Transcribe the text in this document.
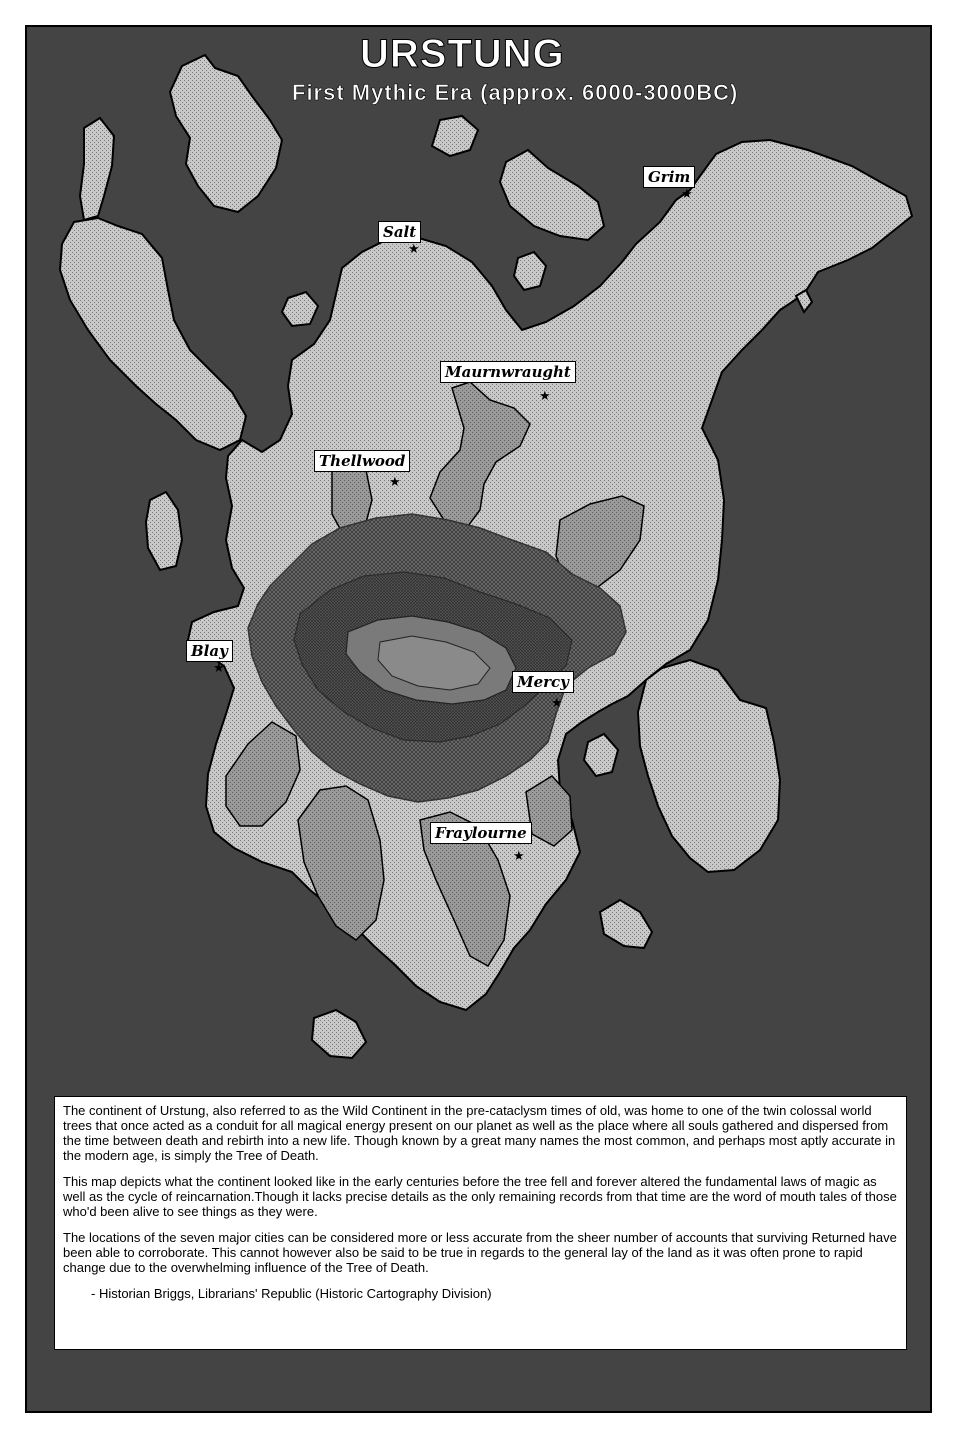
URSTUNG
First Mythic Era (approx. 6000-3000BC)
Grim
★
Salt
★
Maurnwraught
★
Thellwood
★
Blay
★
Mercy
★
Fraylourne
★

The continent of Urstung, also referred to as the Wild Continent in the pre-cataclysm times of old, was home to one of the twin colossal world trees that once acted as a conduit for all magical energy present on our planet as well as the place where all souls gathered and dispersed from the time between death and rebirth into a new life. Though known by a great many names the most common, and perhaps most aptly accurate in the modern age, is simply the Tree of Death.

This map depicts what the continent looked like in the early centuries before the tree fell and forever altered the fundamental laws of magic as well as the cycle of reincarnation.Though it lacks precise details as the only remaining records from that time are the word of mouth tales of those who'd been alive to see things as they were.

The locations of the seven major cities can be considered more or less accurate from the sheer number of accounts that surviving Returned have been able to corroborate. This cannot however also be said to be true in regards to the general lay of the land as it was often prone to rapid change due to the overwhelming influence of the Tree of Death.

- Historian Briggs, Librarians' Republic (Historic Cartography Division)
